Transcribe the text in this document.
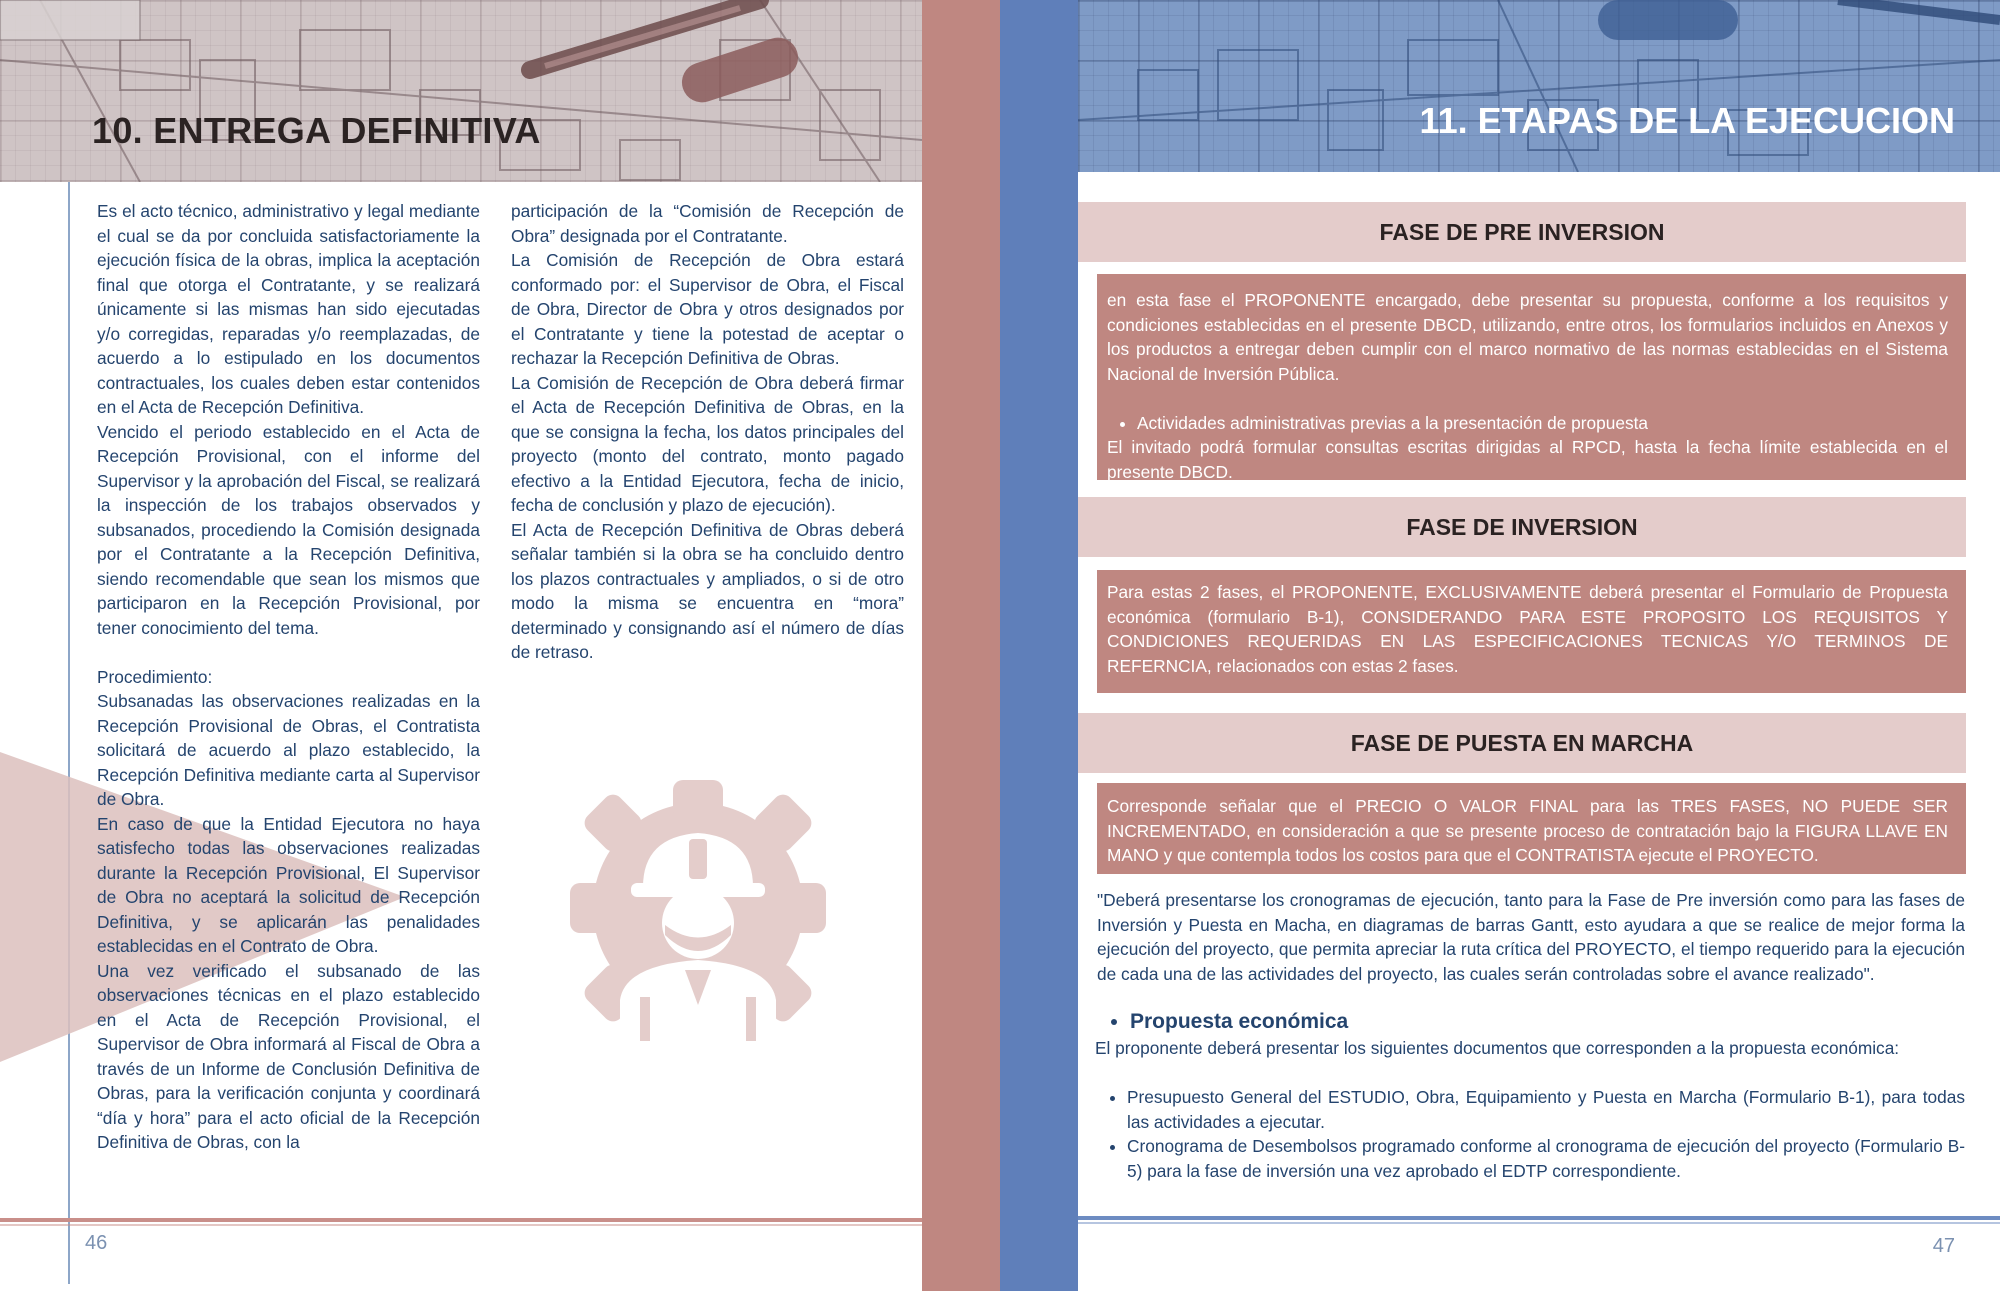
10. ENTREGA DEFINITIVA

Es el acto técnico, administrativo y legal mediante el cual se da por concluida satisfactoriamente la ejecución física de la obras, implica la aceptación final que otorga el Contratante, y se realizará únicamente si las mismas han sido ejecutadas y/o corregidas, reparadas y/o reemplazadas, de acuerdo a lo estipulado en los documentos contractuales, los cuales deben estar contenidos en el Acta de Recepción Definitiva.

Vencido el periodo establecido en el Acta de Recepción Provisional, con el informe del Supervisor y la aprobación del Fiscal, se realizará la inspección de los trabajos observados y subsanados, procediendo la Comisión designada por el Contratante a la Recepción Definitiva, siendo recomendable que sean los mismos que participaron en la Recepción Provisional, por tener conocimiento del tema.

Procedimiento:

Subsanadas las observaciones realizadas en la Recepción Provisional de Obras, el Contratista solicitará de acuerdo al plazo establecido, la Recepción Definitiva mediante carta al Supervisor de Obra.

En caso de que la Entidad Ejecutora no haya satisfecho todas las observaciones realizadas durante la Recepción Provisional, El Supervisor de Obra no aceptará la solicitud de Recepción Definitiva, y se aplicarán las penalidades establecidas en el Contrato de Obra.

Una vez verificado el subsanado de las observaciones técnicas en el plazo establecido en el Acta de Recepción Provisional, el Supervisor de Obra informará al Fiscal de Obra a través de un Informe de Conclusión Definitiva de Obras, para la verificación conjunta y coordinará “día y hora” para el acto oficial de la Recepción Definitiva de Obras, con la

participación de la “Comisión de Recepción de Obra” designada por el Contratante.

La Comisión de Recepción de Obra estará conformado por: el Supervisor de Obra, el Fiscal de Obra, Director de Obra y otros designados por el Contratante y tiene la potestad de aceptar o rechazar la Recepción Definitiva de Obras.

La Comisión de Recepción de Obra deberá firmar el Acta de Recepción Definitiva de Obras, en la que se consigna la fecha, los datos principales del proyecto (monto del contrato, monto pagado efectivo a la Entidad Ejecutora, fecha de inicio, fecha de conclusión y plazo de ejecución).

El Acta de Recepción Definitiva de Obras deberá señalar también si la obra se ha concluido dentro los plazos contractuales y ampliados, o si de otro modo la misma se encuentra en “mora” determinado y consignando así el número de días de retraso.

46
11. ETAPAS DE LA EJECUCION
FASE DE PRE INVERSION

en esta fase el PROPONENTE encargado, debe presentar su propuesta, conforme a los requisitos y condiciones establecidas en el presente DBCD, utilizando, entre otros, los formularios incluidos en Anexos y los productos a entregar deben cumplir con el marco normativo de las normas establecidas en el Sistema Nacional de Inversión Pública.

• Actividades administrativas previas a la presentación de propuesta

El invitado podrá formular consultas escritas dirigidas al RPCD, hasta la fecha límite establecida en el presente DBCD.

FASE DE INVERSION

Para estas 2 fases, el PROPONENTE, EXCLUSIVAMENTE deberá presentar el Formulario de Propuesta económica (formulario B-1), CONSIDERANDO PARA ESTE PROPOSITO LOS REQUISITOS Y CONDICIONES REQUERIDAS EN LAS ESPECIFICACIONES TECNICAS Y/O TERMINOS DE REFERNCIA, relacionados con estas 2 fases.

FASE DE PUESTA EN MARCHA

Corresponde señalar que el PRECIO O VALOR FINAL para las TRES FASES, NO PUEDE SER INCREMENTADO, en consideración a que se presente proceso de contratación bajo la FIGURA LLAVE EN MANO y que contempla todos los costos para que el CONTRATISTA ejecute el PROYECTO.

"Deberá presentarse los cronogramas de ejecución, tanto para la Fase de Pre inversión como para las fases de Inversión y Puesta en Macha, en diagramas de barras Gantt, esto ayudara a que se realice de mejor forma la ejecución del proyecto, que permita apreciar la ruta crítica del PROYECTO, el tiempo requerido para la ejecución de cada una de las actividades del proyecto, las cuales serán controladas sobre el avance realizado".

• Propuesta económica

El proponente deberá presentar los siguientes documentos que corresponden a la propuesta económica:

• Presupuesto General del ESTUDIO, Obra, Equipamiento y Puesta en Marcha (Formulario B-1), para todas las actividades a ejecutar.
• Cronograma de Desembolsos programado conforme al cronograma de ejecución del proyecto (Formulario B-5) para la fase de inversión una vez aprobado el EDTP correspondiente.
47
